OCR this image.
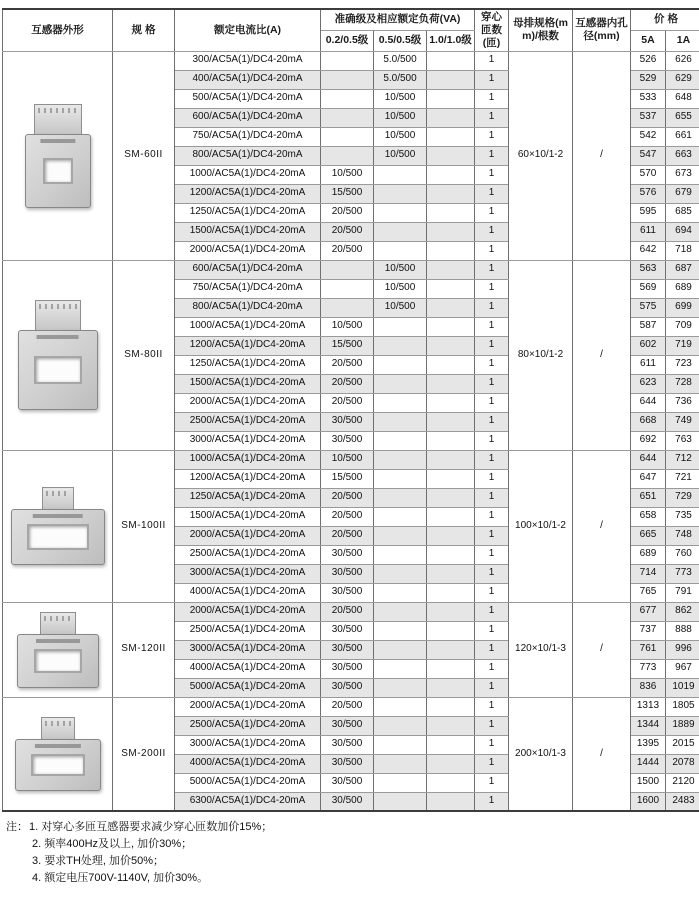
互感器外形	规 格	额定电流比(A)	准确级及相应额定负荷(VA)			穿心匝数(匝)	母排规格(mm)/根数	互感器内孔径(mm)	价 格	
			0.2/0.5级	0.5/0.5级	1.0/1.0级				5A	1A

	SM-60II	300/AC5A(1)/DC4-20mA		5.0/500		1	60×10/1-2	/	526	626
		400/AC5A(1)/DC4-20mA		5.0/500		1			529	629
		500/AC5A(1)/DC4-20mA		10/500		1			533	648
		600/AC5A(1)/DC4-20mA		10/500		1			537	655
		750/AC5A(1)/DC4-20mA		10/500		1			542	661
		800/AC5A(1)/DC4-20mA		10/500		1			547	663
		1000/AC5A(1)/DC4-20mA	10/500			1			570	673
		1200/AC5A(1)/DC4-20mA	15/500			1			576	679
		1250/AC5A(1)/DC4-20mA	20/500			1			595	685
		1500/AC5A(1)/DC4-20mA	20/500			1			611	694
		2000/AC5A(1)/DC4-20mA	20/500			1			642	718

	SM-80II	600/AC5A(1)/DC4-20mA		10/500		1	80×10/1-2	/	563	687
		750/AC5A(1)/DC4-20mA		10/500		1			569	689
		800/AC5A(1)/DC4-20mA		10/500		1			575	699
		1000/AC5A(1)/DC4-20mA	10/500			1			587	709
		1200/AC5A(1)/DC4-20mA	15/500			1			602	719
		1250/AC5A(1)/DC4-20mA	20/500			1			611	723
		1500/AC5A(1)/DC4-20mA	20/500			1			623	728
		2000/AC5A(1)/DC4-20mA	20/500			1			644	736
		2500/AC5A(1)/DC4-20mA	30/500			1			668	749
		3000/AC5A(1)/DC4-20mA	30/500			1			692	763

	SM-100II	1000/AC5A(1)/DC4-20mA	10/500			1	100×10/1-2	/	644	712
		1200/AC5A(1)/DC4-20mA	15/500			1			647	721
		1250/AC5A(1)/DC4-20mA	20/500			1			651	729
		1500/AC5A(1)/DC4-20mA	20/500			1			658	735
		2000/AC5A(1)/DC4-20mA	20/500			1			665	748
		2500/AC5A(1)/DC4-20mA	30/500			1			689	760
		3000/AC5A(1)/DC4-20mA	30/500			1			714	773
		4000/AC5A(1)/DC4-20mA	30/500			1			765	791

	SM-120II	2000/AC5A(1)/DC4-20mA	20/500			1	120×10/1-3	/	677	862
		2500/AC5A(1)/DC4-20mA	30/500			1			737	888
		3000/AC5A(1)/DC4-20mA	30/500			1			761	996
		4000/AC5A(1)/DC4-20mA	30/500			1			773	967
		5000/AC5A(1)/DC4-20mA	30/500			1			836	1019

	SM-200II	2000/AC5A(1)/DC4-20mA	20/500			1	200×10/1-3	/	1313	1805
		2500/AC5A(1)/DC4-20mA	30/500			1			1344	1889
		3000/AC5A(1)/DC4-20mA	30/500			1			1395	2015
		4000/AC5A(1)/DC4-20mA	30/500			1			1444	2078
		5000/AC5A(1)/DC4-20mA	30/500			1			1500	2120
		6300/AC5A(1)/DC4-20mA	30/500			1			1600	2483
注：1. 对穿心多匝互感器要求减少穿心匝数加价15%；
2. 频率400Hz及以上, 加价30%；
3. 要求TH处理, 加价50%；
4. 额定电压700V-1140V, 加价30%。
